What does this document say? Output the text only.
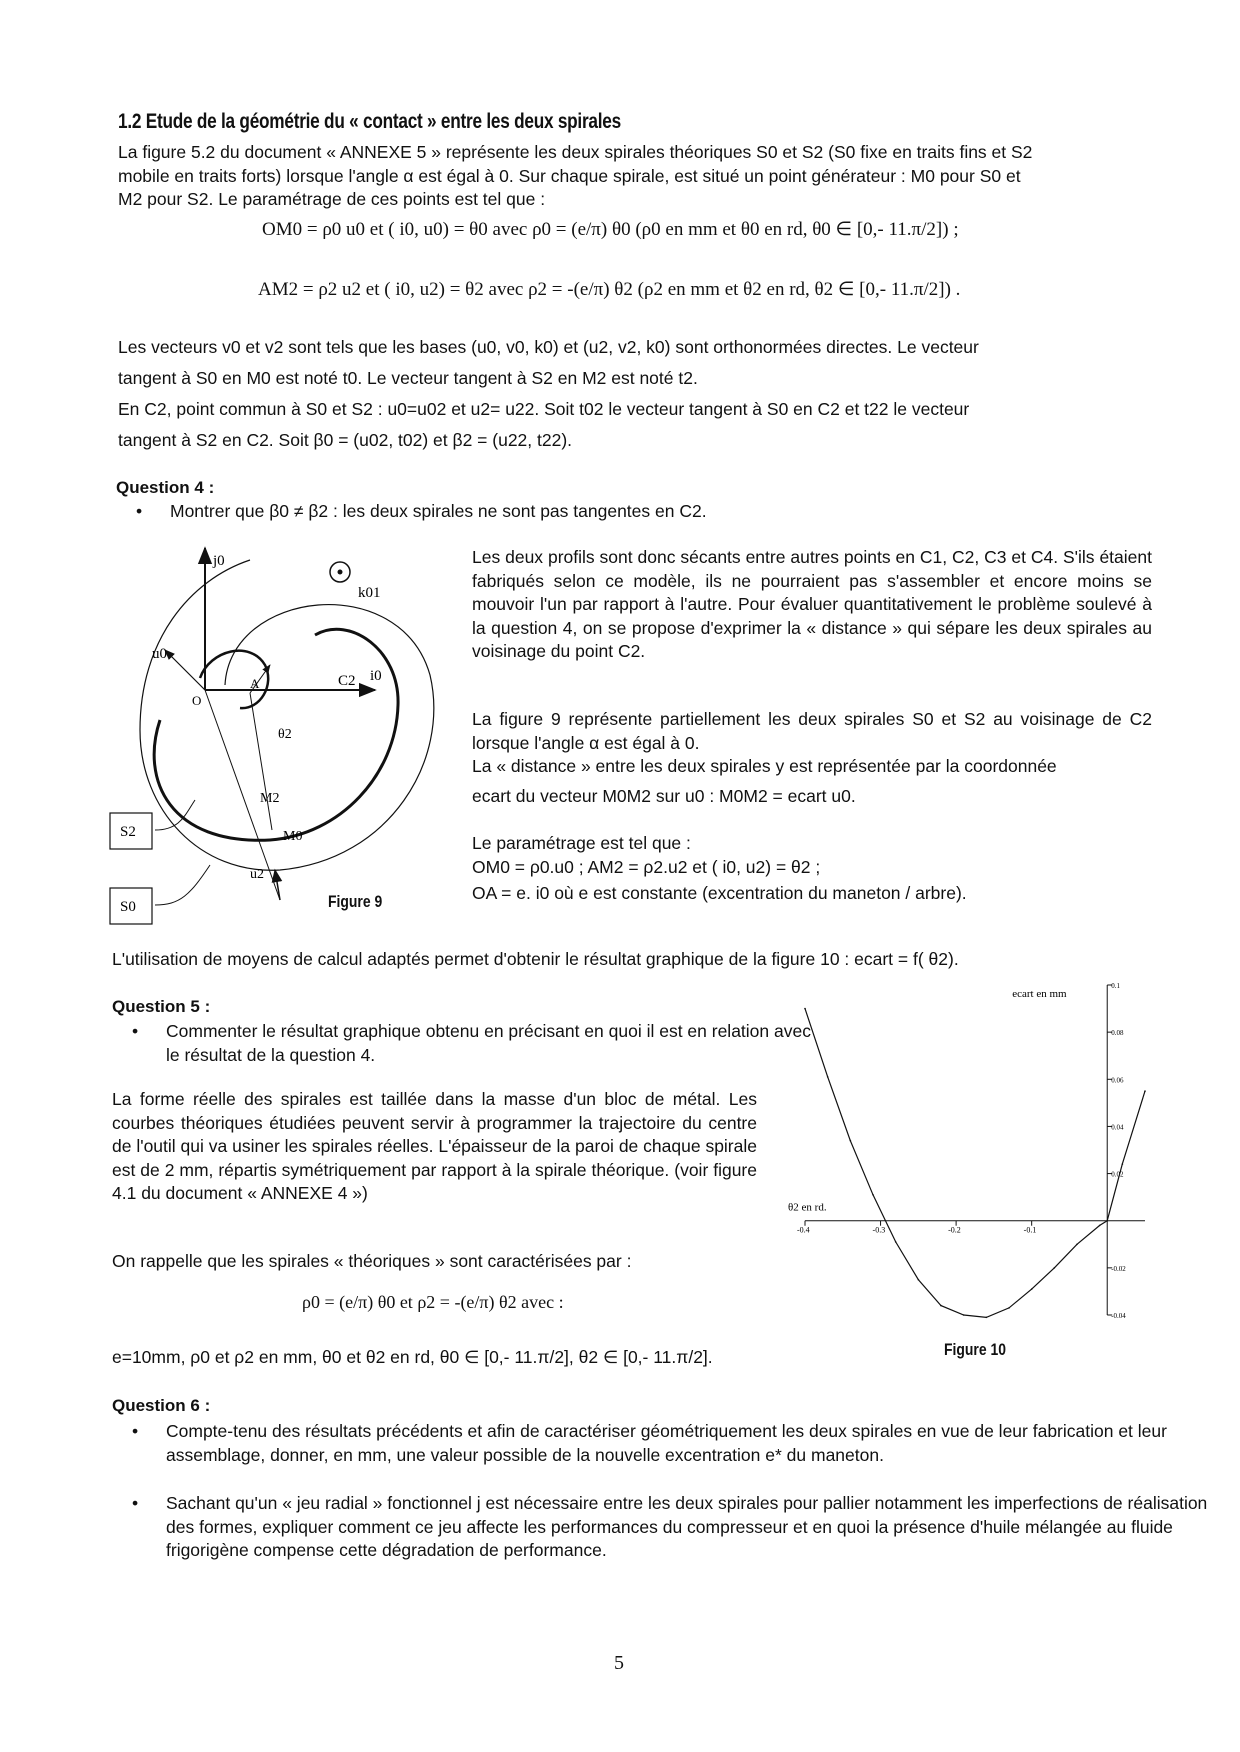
1.2 Etude de la géométrie du « contact » entre les deux spirales
La figure 5.2 du document « ANNEXE 5 » représente les deux spirales théoriques S0 et S2 (S0 fixe en traits fins et S2
mobile en traits forts) lorsque l'angle α est égal à 0. Sur chaque spirale, est situé un point générateur : M0 pour S0 et
M2 pour S2. Le paramétrage de ces points est tel que :
OM0 = ρ0 u0 et ( i0, u0) = θ0 avec ρ0 = (e/π) θ0 (ρ0 en mm et θ0 en rd, θ0 ∈ [0,- 11.π/2]) ;
AM2 = ρ2 u2 et ( i0, u2) = θ2 avec ρ2 = -(e/π) θ2 (ρ2 en mm et θ2 en rd, θ2 ∈ [0,- 11.π/2]) .
Les vecteurs v0 et v2 sont tels que les bases (u0, v0, k0) et (u2, v2, k0) sont orthonormées directes. Le vecteur
tangent à S0 en M0 est noté t0. Le vecteur tangent à S2 en M2 est noté t2.
En C2, point commun à S0 et S2 : u0=u02 et u2= u22. Soit t02 le vecteur tangent à S0 en C2 et t22 le vecteur
tangent à S2 en C2. Soit β0 = (u02, t02) et β2 = (u22, t22).
Question 4 :
• Montrer que β0 ≠ β2 : les deux spirales ne sont pas tangentes en C2.
j0
k01
u0
i0
C2
O
A
θ2
M2
M0
u2
S2
S0	Figure 9
Les deux profils sont donc sécants entre autres points en C1, C2, C3 et C4. S'ils étaient fabriqués selon ce modèle, ils ne pourraient pas s'assembler et encore moins se mouvoir l'un par rapport à l'autre. Pour évaluer quantitativement le problème soulevé à la question 4, on se propose d'exprimer la « distance » qui sépare les deux spirales au voisinage du point C2.
La figure 9 représente partiellement les deux spirales S0 et S2 au voisinage de C2 lorsque l'angle α est égal à 0.
La « distance » entre les deux spirales y est représentée par la coordonnée
ecart du vecteur M0M2 sur u0 : M0M2 = ecart u0.
Le paramétrage est tel que :
OM0 = ρ0.u0 ; AM2 = ρ2.u2 et ( i0, u2) = θ2 ;
OA = e. i0 où e est constante (excentration du maneton / arbre).
L'utilisation de moyens de calcul adaptés permet d'obtenir le résultat graphique de la figure 10 : ecart = f( θ2).
Question 5 :
• Commenter le résultat graphique obtenu en précisant en quoi il est en relation avec le résultat de la question 4.
La forme réelle des spirales est taillée dans la masse d'un bloc de métal. Les courbes théoriques étudiées peuvent servir à programmer la trajectoire du centre de l'outil qui va usiner les spirales réelles. L'épaisseur de la paroi de chaque spirale est de 2 mm, répartis symétriquement par rapport à la spirale théorique. (voir figure 4.1 du document « ANNEXE 4 »)
On rappelle que les spirales « théoriques » sont caractérisées par :
ρ0 = (e/π) θ0 et ρ2 = -(e/π) θ2 avec :
e=10mm, ρ0 et ρ2 en mm, θ0 et θ2 en rd, θ0 ∈ [0,- 11.π/2], θ2 ∈ [0,- 11.π/2].
-0.4	-0.3	-0.2	-0.1
0.1
0.08
0.06
0.04
0.02
-0.02
-0.04
θ2 en rd.
ecart en mm
Figure 10
Question 6 :
• Compte-tenu des résultats précédents et afin de caractériser géométriquement les deux spirales en vue de leur fabrication et leur assemblage, donner, en mm, une valeur possible de la nouvelle excentration e* du maneton.
• Sachant qu'un « jeu radial » fonctionnel j est nécessaire entre les deux spirales pour pallier notamment les imperfections de réalisation des formes, expliquer comment ce jeu affecte les performances du compresseur et en quoi la présence d'huile mélangée au fluide frigorigène compense cette dégradation de performance.
5
